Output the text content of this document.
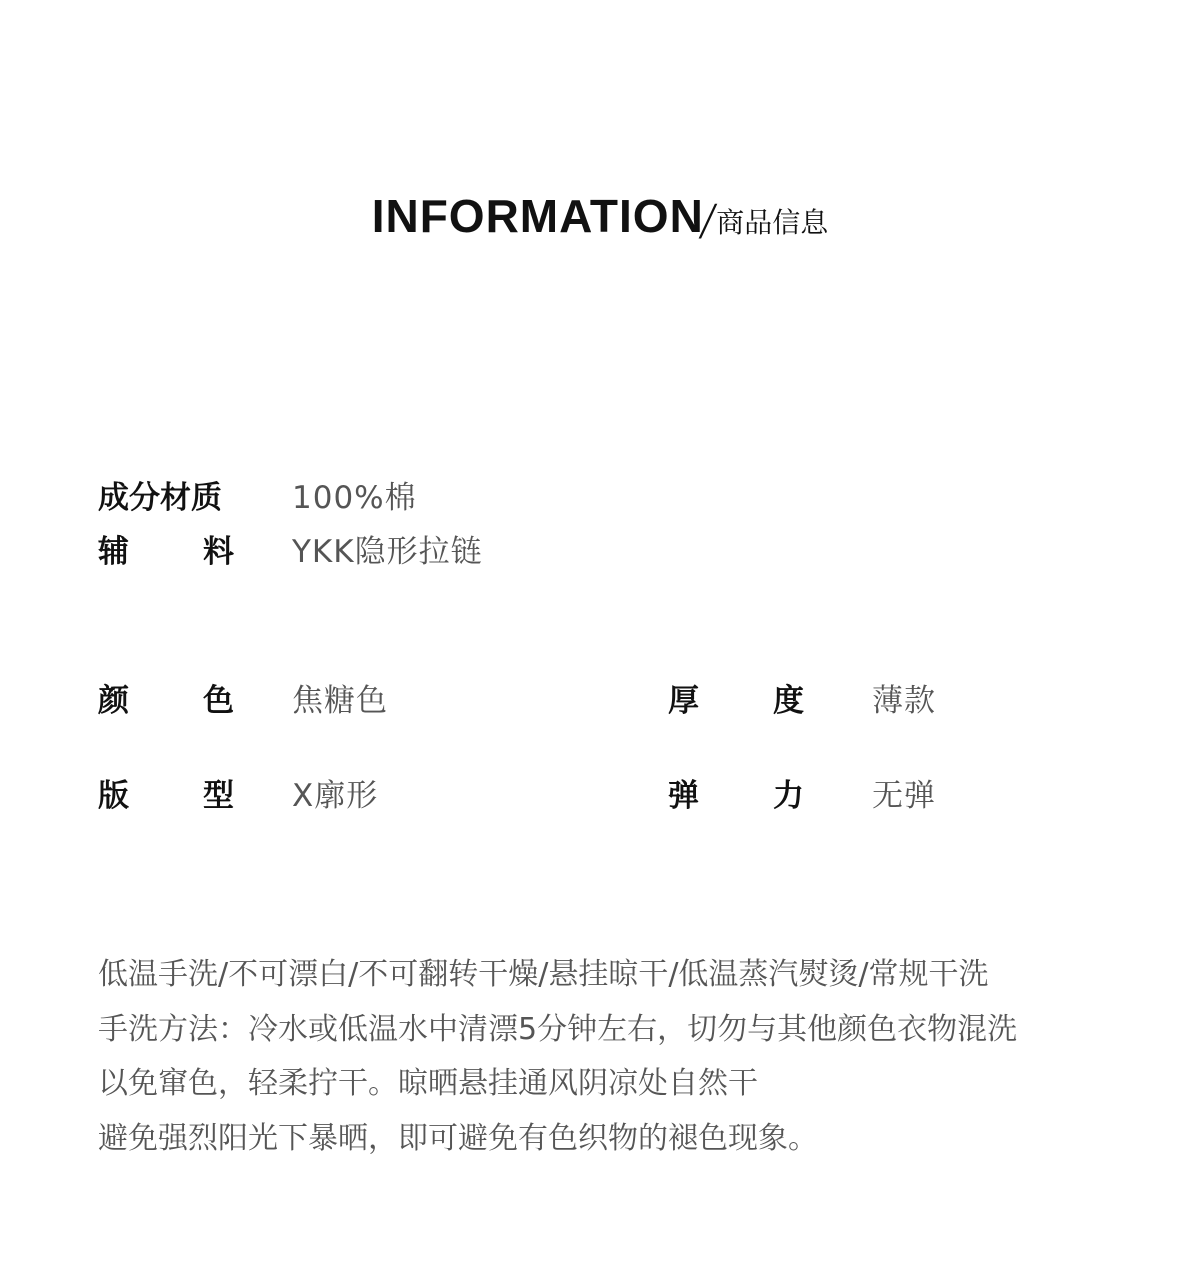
INFORMATION/商品信息
成分材质	100%棉
辅 料 YKK隐形拉链
颜 色 焦糖色	厚 度 薄款
版 型 X廓形	弹 力 无弹
低温手洗/不可漂白/不可翻转干燥/悬挂晾干/低温蒸汽熨烫/常规干洗
手洗方法：冷水或低温水中清漂5分钟左右，切勿与其他颜色衣物混洗
以免窜色，轻柔拧干。晾晒悬挂通风阴凉处自然干
避免强烈阳光下暴晒，即可避免有色织物的褪色现象。
